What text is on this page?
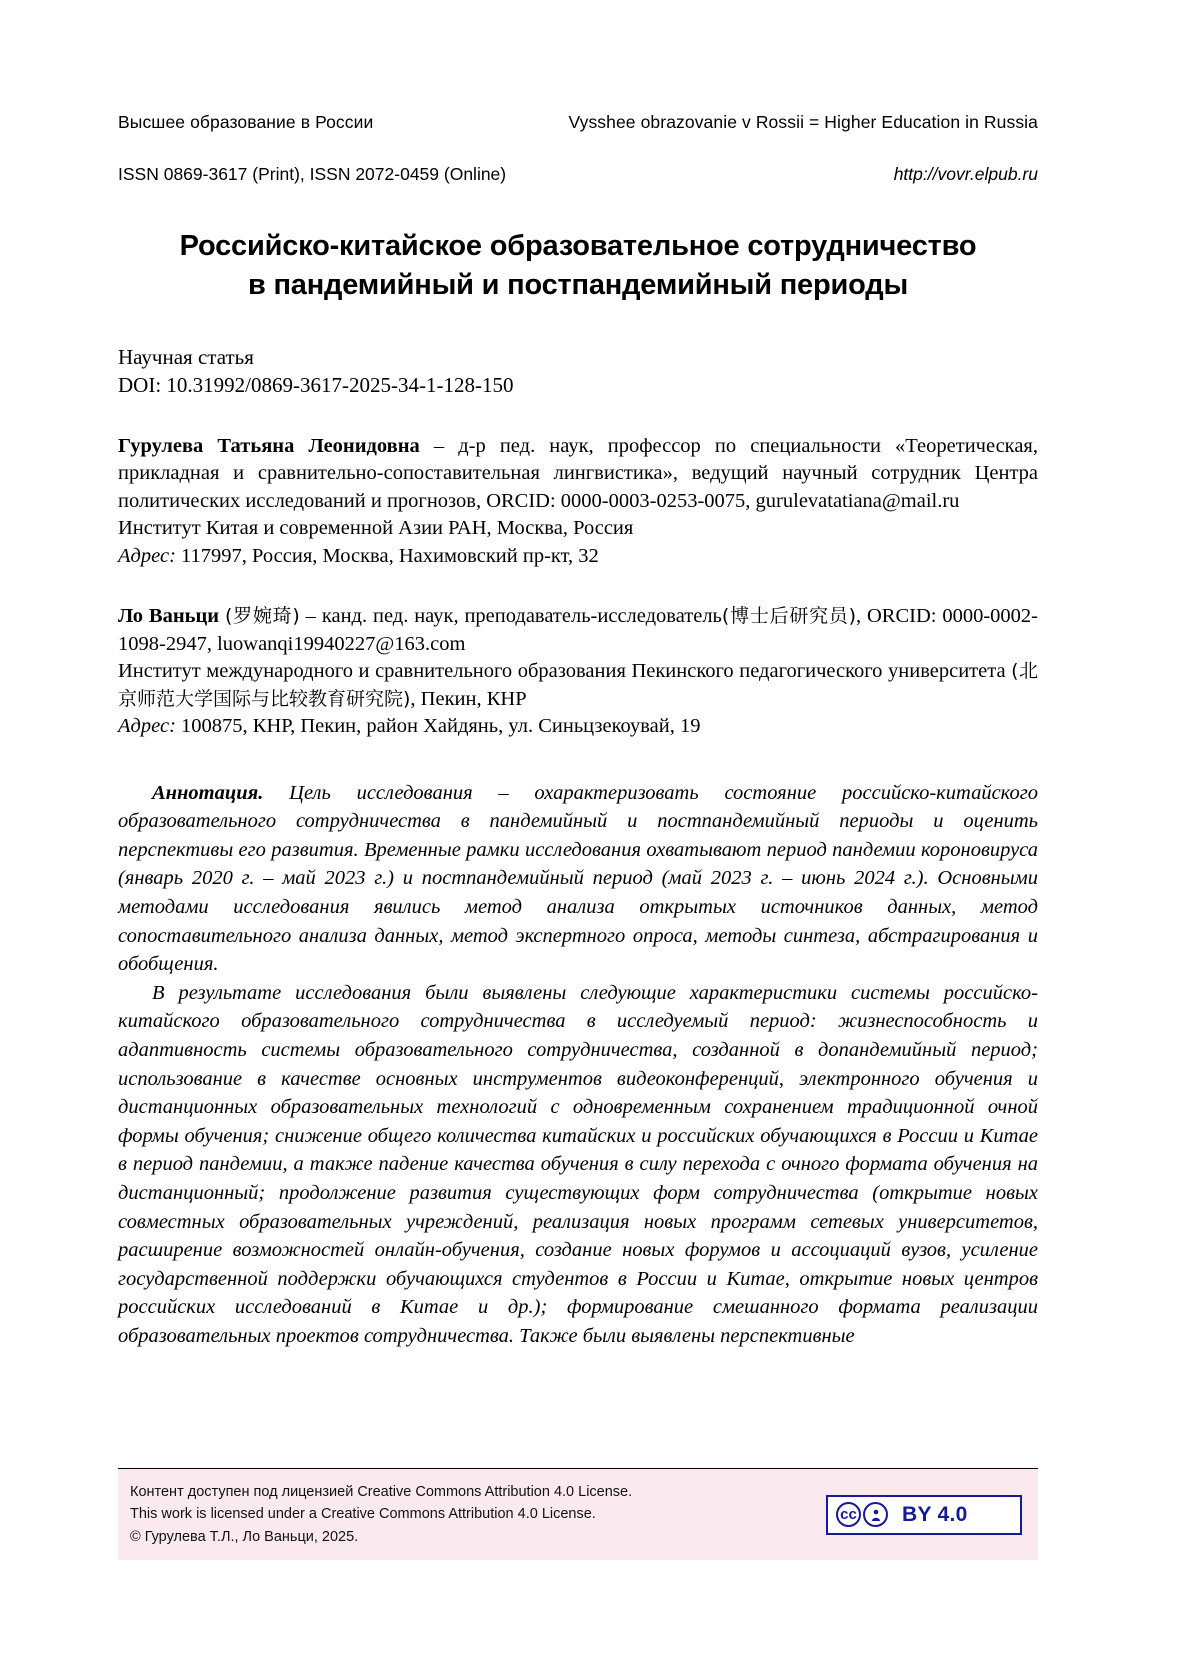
Высшее образование в России	Vysshee obrazovanie v Rossii = Higher Education in Russia
ISSN 0869-3617 (Print), ISSN 2072-0459 (Online)	http://vovr.elpub.ru
Российско-китайское образовательное сотрудничество
в пандемийный и постпандемийный периоды
Научная статья
DOI: 10.31992/0869-3617-2025-34-1-128-150
Гурулева Татьяна Леонидовна – д-р пед. наук, профессор по специальности «Теоретическая, прикладная и сравнительно-сопоставительная лингвистика», ведущий научный сотрудник Центра политических исследований и прогнозов, ORCID: 0000-0003-0253-0075, gurulevatatiana@mail.ru
Институт Китая и современной Азии РАН, Москва, Россия
Адрес: 117997, Россия, Москва, Нахимовский пр-кт, 32
Ло Ваньци (罗婉琦) – канд. пед. наук, преподаватель-исследователь(博士后研究员), ORCID: 0000-0002-1098-2947, luowanqi19940227@163.com
Институт международного и сравнительного образования Пекинского педагогического университета (北京师范大学国际与比较教育研究院), Пекин, КНР
Адрес: 100875, КНР, Пекин, район Хайдянь, ул. Синьцзекоувай, 19

Аннотация. Цель исследования – охарактеризовать состояние российско-китайского образовательного сотрудничества в пандемийный и постпандемийный периоды и оценить перспективы его развития. Временные рамки исследования охватывают период пандемии короновируса (январь 2020 г. – май 2023 г.) и постпандемийный период (май 2023 г. – июнь 2024 г.). Основными методами исследования явились метод анализа открытых источников данных, метод сопоставительного анализа данных, метод экспертного опроса, методы синтеза, абстрагирования и обобщения.

В результате исследования были выявлены следующие характеристики системы российско-китайского образовательного сотрудничества в исследуемый период: жизнеспособность и адаптивность системы образовательного сотрудничества, созданной в допандемийный период; использование в качестве основных инструментов видеоконференций, электронного обучения и дистанционных образовательных технологий с одновременным сохранением традиционной очной формы обучения; снижение общего количества китайских и российских обучающихся в России и Китае в период пандемии, а также падение качества обучения в силу перехода с очного формата обучения на дистанционный; продолжение развития существующих форм сотрудничества (открытие новых совместных образовательных учреждений, реализация новых программ сетевых университетов, расширение возможностей онлайн-обучения, создание новых форумов и ассоциаций вузов, усиление государственной поддержки обучающихся студентов в России и Китае, открытие новых центров российских исследований в Китае и др.); формирование смешанного формата реализации образовательных проектов сотрудничества. Также были выявлены перспективные

Контент доступен под лицензией Creative Commons Attribution 4.0 License.
This work is licensed under a Creative Commons Attribution 4.0 License.
© Гурулева Т.Л., Ло Ваньци, 2025.
cc BY 4.0
